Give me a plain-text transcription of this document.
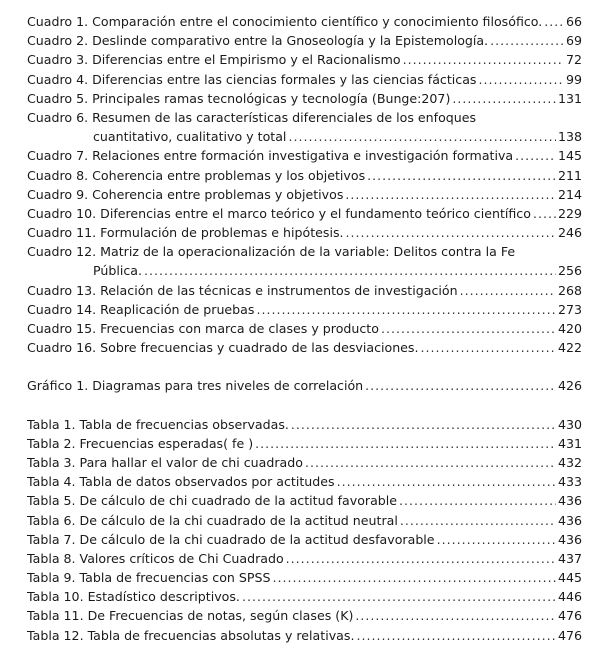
Cuadro 1. Comparación entre el conocimiento científico y conocimiento filosófico. ..... 66
Cuadro 2. Deslinde comparativo entre la Gnoseología y la Epistemología. .....	69
Cuadro 3. Diferencias entre el Empirismo y el Racionalismo .....	72
Cuadro 4. Diferencias entre las ciencias formales y las ciencias fácticas .....	99
Cuadro 5. Principales ramas tecnológicas y tecnología (Bunge:207) .....	131
Cuadro 6. Resumen de las características diferenciales de los enfoques
cuantitativo, cualitativo y total .....	138
Cuadro 7. Relaciones entre formación investigativa e investigación formativa .....	145
Cuadro 8. Coherencia entre problemas y los objetivos .....	211
Cuadro 9. Coherencia entre problemas y objetivos .....	214
Cuadro 10. Diferencias entre el marco teórico y el fundamento teórico científico ..... 229
Cuadro 11. Formulación de problemas e hipótesis. .....	246
Cuadro 12. Matriz de la operacionalización de la variable: Delitos contra la Fe
Pública. .....	256
Cuadro 13. Relación de las técnicas e instrumentos de investigación .....	268
Cuadro 14. Reaplicación de pruebas .....	273
Cuadro 15. Frecuencias con marca de clases y producto .....	420
Cuadro 16. Sobre frecuencias y cuadrado de las desviaciones. .....	422
Gráfico 1. Diagramas para tres niveles de correlación .....	426
Tabla 1. Tabla de frecuencias observadas. .....	430
Tabla 2. Frecuencias esperadas( fe ) .....	431
Tabla 3. Para hallar el valor de chi cuadrado .....	432
Tabla 4. Tabla de datos observados por actitudes .....	433
Tabla 5. De cálculo de chi cuadrado de la actitud favorable .....	436
Tabla 6. De cálculo de la chi cuadrado de la actitud neutral .....	436
Tabla 7. De cálculo de la chi cuadrado de la actitud desfavorable .....	436
Tabla 8. Valores críticos de Chi Cuadrado .....	437
Tabla 9. Tabla de frecuencias con SPSS .....	445
Tabla 10. Estadístico descriptivos. .....	446
Tabla 11. De Frecuencias de notas, según clases (K) .....	476
Tabla 12. Tabla de frecuencias absolutas y relativas. .....	476
